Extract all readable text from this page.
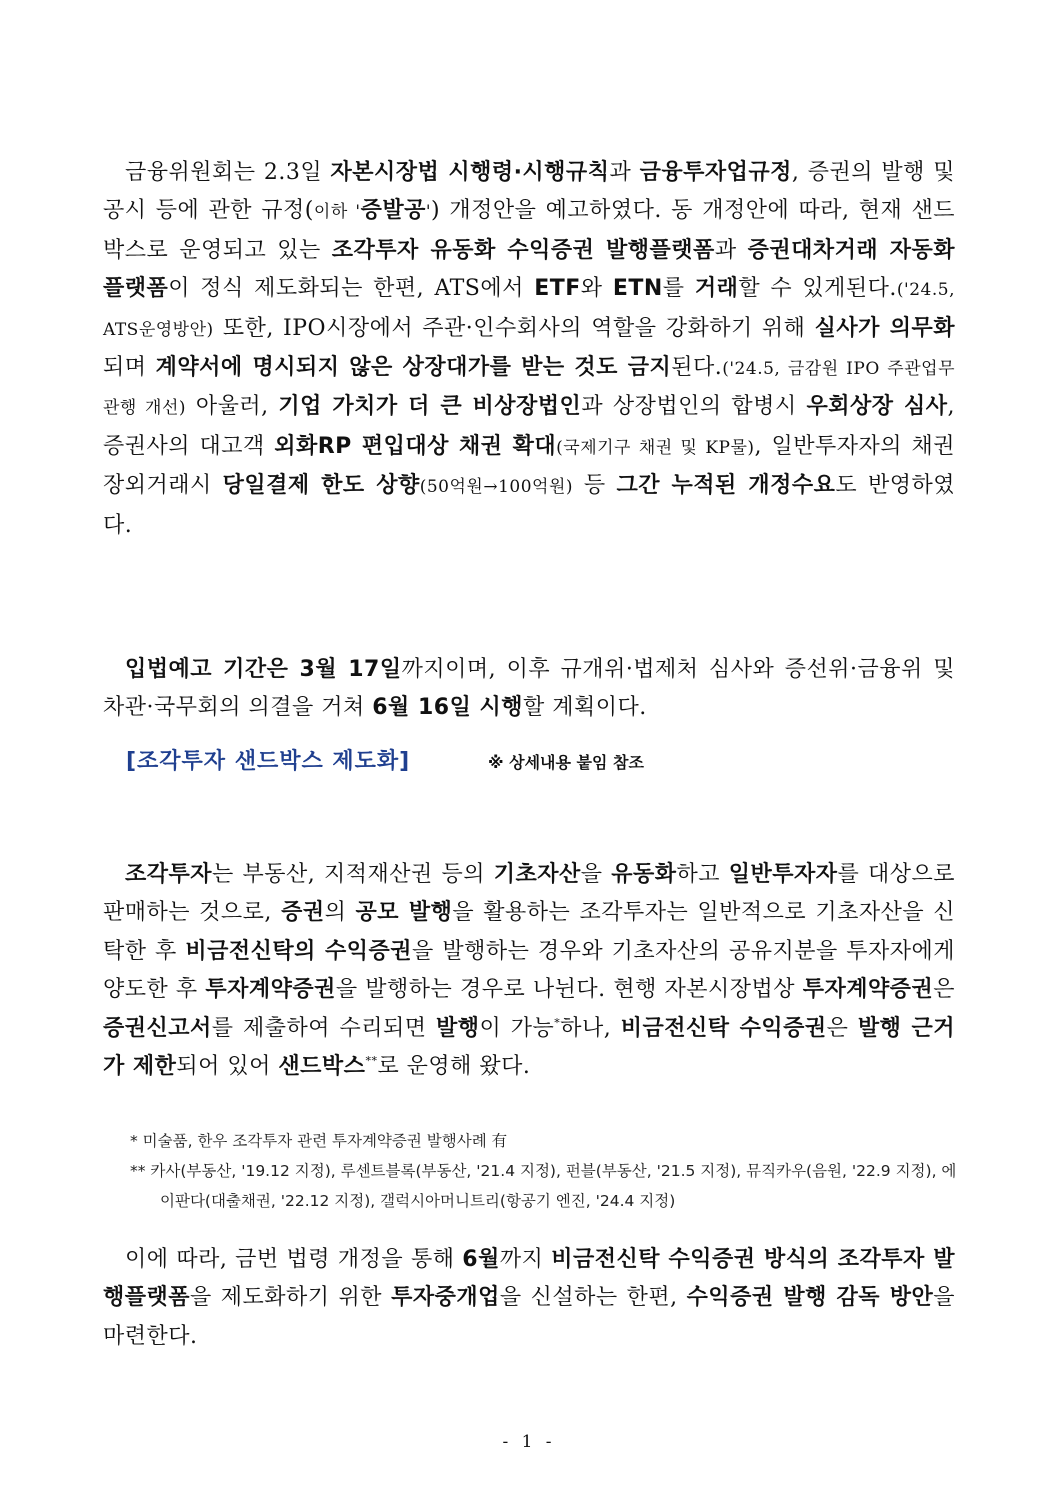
금융위원회는 2.3일 자본시장법 시행령·시행규칙과 금융투자업규정, 증권의 발행 및 공시 등에 관한 규정(이하 '증발공') 개정안을 예고하였다. 동 개정안에 따라, 현재 샌드박스로 운영되고 있는 조각투자 유동화 수익증권 발행플랫폼과 증권대차거래 자동화 플랫폼이 정식 제도화되는 한편, ATS에서 ETF와 ETN를 거래할 수 있게된다.('24.5, ATS운영방안) 또한, IPO시장에서 주관·인수회사의 역할을 강화하기 위해 실사가 의무화되며 계약서에 명시되지 않은 상장대가를 받는 것도 금지된다.('24.5, 금감원 IPO 주관업무 관행 개선) 아울러, 기업 가치가 더 큰 비상장법인과 상장법인의 합병시 우회상장 심사, 증권사의 대고객 외화RP 편입대상 채권 확대(국제기구 채권 및 KP물), 일반투자자의 채권 장외거래시 당일결제 한도 상향(50억원→100억원) 등 그간 누적된 개정수요도 반영하였다.

입법예고 기간은 3월 17일까지이며, 이후 규개위·법제처 심사와 증선위·금융위 및 차관·국무회의 의결을 거쳐 6월 16일 시행할 계획이다.

[조각투자 샌드박스 제도화]	※ 상세내용 붙임 참조

조각투자는 부동산, 지적재산권 등의 기초자산을 유동화하고 일반투자자를 대상으로 판매하는 것으로, 증권의 공모 발행을 활용하는 조각투자는 일반적으로 기초자산을 신탁한 후 비금전신탁의 수익증권을 발행하는 경우와 기초자산의 공유지분을 투자자에게 양도한 후 투자계약증권을 발행하는 경우로 나뉜다. 현행 자본시장법상 투자계약증권은 증권신고서를 제출하여 수리되면 발행이 가능*하나, 비금전신탁 수익증권은 발행 근거가 제한되어 있어 샌드박스**로 운영해 왔다.

* 미술품, 한우 조각투자 관련 투자계약증권 발행사례 有
** 카사(부동산, '19.12 지정), 루센트블록(부동산, '21.4 지정), 펀블(부동산, '21.5 지정), 뮤직카우(음원, '22.9 지정), 에이판다(대출채권, '22.12 지정), 갤럭시아머니트리(항공기 엔진, '24.4 지정)

이에 따라, 금번 법령 개정을 통해 6월까지 비금전신탁 수익증권 방식의 조각투자 발행플랫폼을 제도화하기 위한 투자중개업을 신설하는 한편, 수익증권 발행 감독 방안을 마련한다.

- 1 -
